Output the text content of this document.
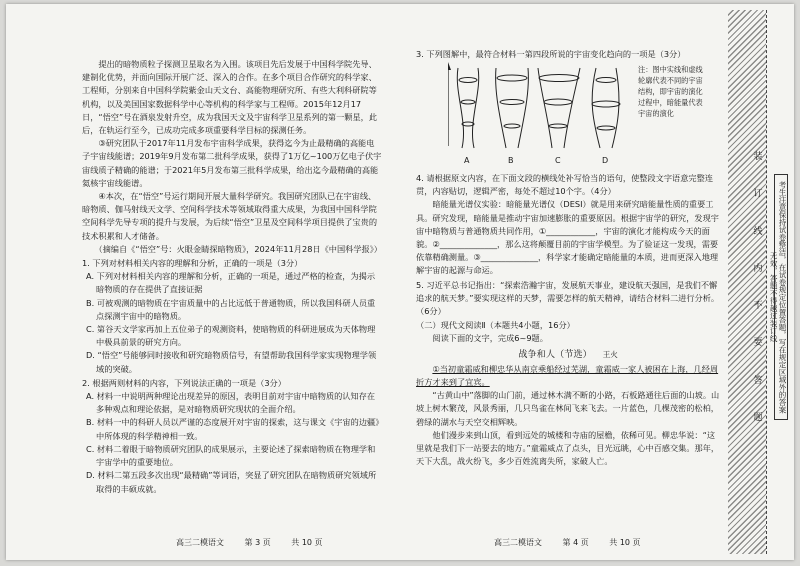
提出的暗物质粒子探测卫星取名为入围。该项目先后发展于中国科学院先导、建制化优势，并面向国际开展广泛、深入的合作。在多个项目合作研究的科学家、工程师，分别来自中国科学院紫金山天文台、高能物理研究所、有些大利科研院等机构，以及美国国家数据科学中心等机构的科学家与工程师。2015年12月17日，“悟空”号在酒泉发射升空，成为我国天文及宇宙科学卫星系列的第一颗星，此后，在轨运行至今，已成功完成多项重要科学目标的探测任务。

③研究团队于2017年11月发布宇宙科学成果，获得迄今为止最精确的高能电子宇宙线能谱；2019年9月发布第二批科学成果，获得了1万亿~100万亿电子伏宇宙线质子精确的能谱；于2021年5月发布第三批科学成果，给出迄今最精确的高能氦核宇宙线能谱。

④本次，在“悟空”号运行期间开展大量科学研究。我国研究团队已在宇宙线、暗物质、伽马射线天文学、空间科学技术等领域取得重大成果，为我国中国科学院空间科学先导专项的提升与发展，为后续“悟空”卫星及空间科学项目提供了宝贵的技术积累和人才储备。

（摘编自《“悟空”号：火眼金睛探暗物质》，2024年11月28日《中国科学报》）

1. 下列对材料相关内容的理解和分析，正确的一项是（3分）

A. 下列对材料相关内容的理解和分析，正确的一项是，通过严格的检查，为揭示暗物质的存在提供了直接证据

B. 可被观测的暗物质在宇宙质量中的占比远低于普通物质，所以我国科研人员重点探测宇宙中的暗物质。

C. 第谷天文学家再加上五位弟子的观测资料，使暗物质的科研进展成为天体物理中极具前景的研究方向。

D. “悟空”号能够同时接收和研究暗物质信号，有望帮助我国科学家实现物理学领域的突破。

2. 根据两则材料的内容，下列说法正确的一项是（3分）

A. 材料一中说明两种理论出现差异的原因，表明目前对宇宙中暗物质的认知存在多种观点和理论依据，是对暗物质研究现状的全面介绍。

B. 材料一中的科研人员以严谨的态度展开对宇宙的探索，这与课文《宇宙的边疆》中所体现的科学精神相一致。

C. 材料二着眼于暗物质研究团队的成果展示，主要论述了探索暗物质在物理学和宇宙学中的重要地位。

D. 材料二第五段多次出现“最精确”等词语，突显了研究团队在暗物质研究领域所取得的丰硕成就。

高三二模语文	第 3 页	共 10 页

3. 下列图解中，最符合材料一第四段所说的宇宙变化趋向的一项是（3分）

注：图中实线和虚线轮廓代表不同的宇宙结构，即宇宙的演化过程中，暗能量代表宇宙的演化
A	B	C	D

4. 请根据原文内容，在下面文段的横线处补写恰当的语句，使整段文字语意完整连贯，内容贴切，逻辑严密，每处不超过10个字。（4分）

暗能量光谱仪实验：暗能量光谱仪（DESI）就是用来研究暗能量性质的重要工具。研究发现，暗能量是推动宇宙加速膨胀的重要原因。根据宇宙学的研究，发现宇宙中暗物质与普通物质共同作用，①____________，宇宙的演化才能构成今天的面貌。②______________，那么这将颠覆目前的宇宙学模型。为了验证这一发现，需要依靠精确测量。③______________，科学家才能确定暗能量的本质，进而更深入地理解宇宙的起源与命运。

5. 习近平总书记指出：“探索浩瀚宇宙，发展航天事业，建设航天强国，是我们不懈追求的航天梦。”要实现这样的天梦，需要怎样的航天精神，请结合材料二进行分析。（6分）

（二）现代文阅读Ⅱ（本题共4小题，16分）

阅读下面的文字，完成6~9题。

战争和人（节选） 王火

①当初童霜威和柳忠华从南京乘船经过芜湖，童霜威一家人被困在上海，几经周折方才来到了宜宾。

“古黄山中”落脚的山门前，通过林木满不断的小路，石板路通往后面的山坡。山坡上树木繁茂，风景秀丽，几只鸟雀在林间飞来飞去。一片蓝色，几棵茂密的松柏，碧绿的湖水与天空交相辉映。

他们漫步来到山顶，看到远处的城楼和寺庙的屋檐，依稀可见。柳忠华说：“这里就是我们下一站要去的地方。”童霜威点了点头，目光远眺，心中百感交集。那年，天下大乱，战火纷飞，多少百姓流离失所，家破人亡。

高三二模语文	第 4 页	共 10 页
装
订
线
内
不
要
答
题
考生注意保持试卷整洁，在试卷规定位置答题，写在规定区域外的答案无效，答题不得越过装订线
